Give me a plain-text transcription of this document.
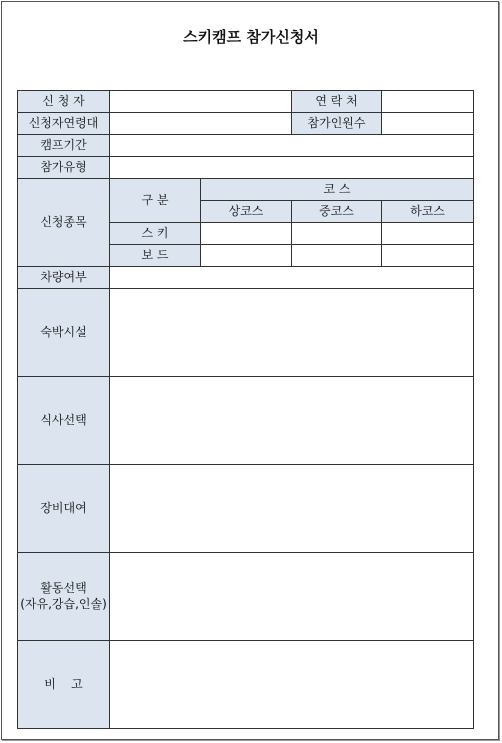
스키캠프 참가신청서
신 청 자			연 락 처	
신청자연령대			참가인원수	
캠프기간				
참가유형				
신청종목	구 분	코 스		
		상코스	중코스	하코스
	스 키			
	보 드			
차량여부				
숙박시설				
식사선택				
장비대여				

활동선택
(자유,강습,인솔)				

비    고				
